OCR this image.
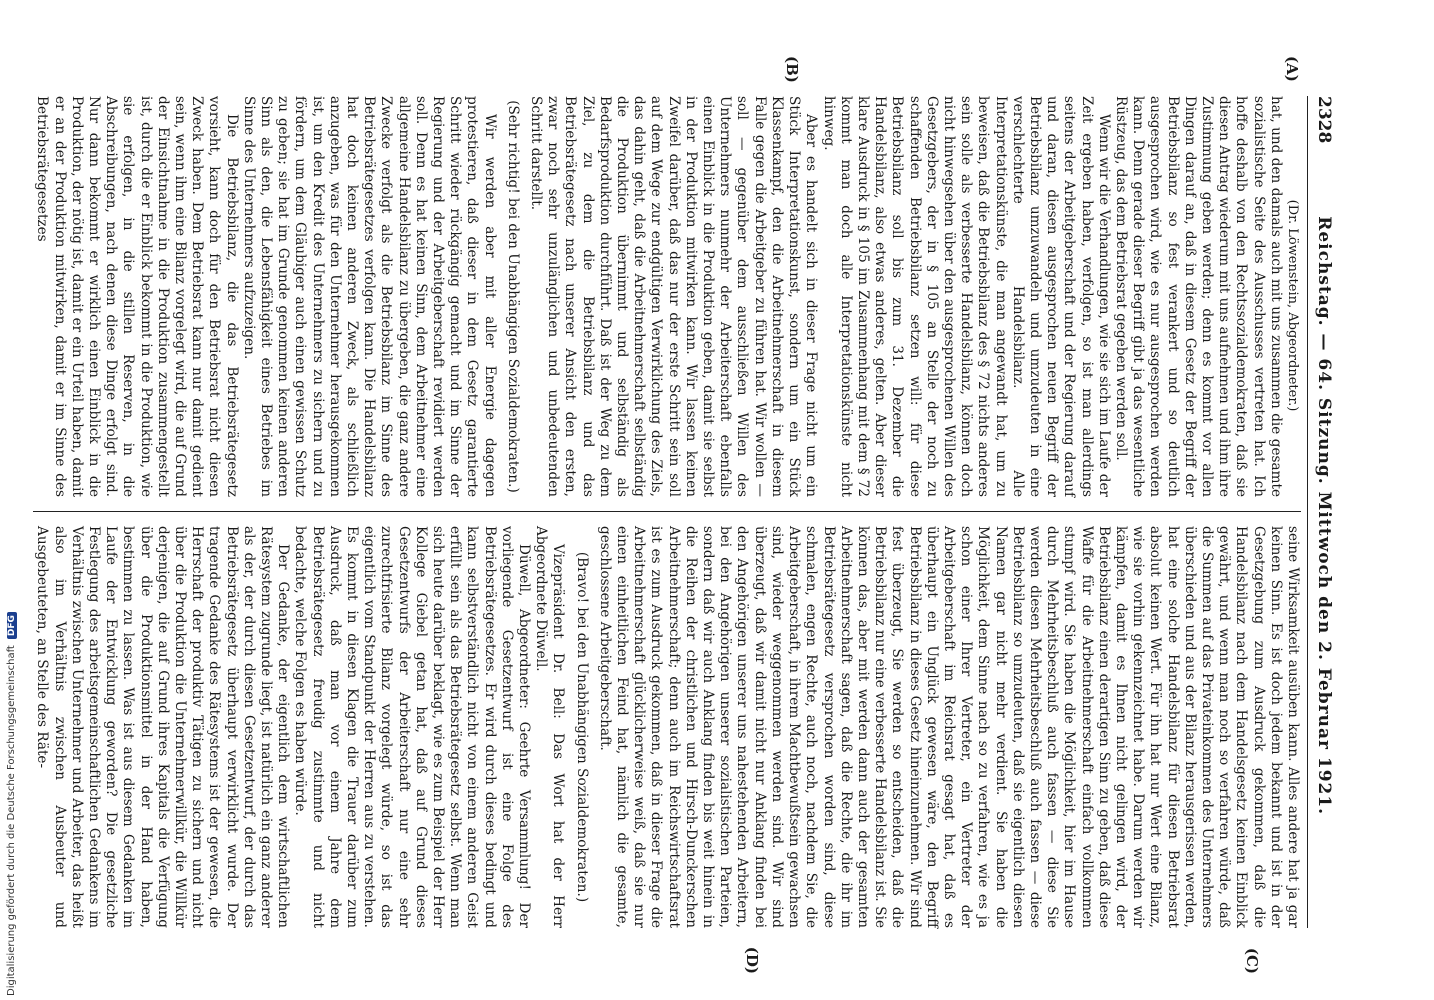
2328
Reichstag. — 64. Sitzung. Mittwoch den 2. Februar 1921.
(A)
(B)
(C)
(D)

(Dr. Löwenstein, Abgeordneter.)

hat, und den damals auch mit uns zusammen die gesamte sozialistische Seite des Ausschusses vertreten hat. Ich hoffe deshalb von den Rechtssozialdemokraten, daß sie diesen Antrag wiederum mit uns aufnehmen und ihm ihre Zustimmung geben werden; denn es kommt vor allen Dingen darauf an, daß in diesem Gesetz der Begriff der Betriebsbilanz so fest verankert und so deutlich ausgesprochen wird, wie es nur ausgesprochen werden kann. Denn gerade dieser Begriff gibt ja das wesentliche Rüstzeug, das dem Betriebsrat gegeben werden soll.

Wenn wir die Verhandlungen, wie sie sich im Laufe der Zeit ergeben haben, verfolgen, so ist man allerdings seitens der Arbeitgeberschaft und der Regierung darauf und daran, diesen ausgesprochen neuen Begriff der Betriebsbilanz umzuwandeln und umzudeuten in eine verschlechterte Handelsbilanz. Alle Interpretationskünste, die man angewandt hat, um zu beweisen, daß die Betriebsbilanz des § 72 nichts anderes sein solle als verbesserte Handelsbilanz, können doch nicht hinwegsehen über den ausgesprochenen Willen des Gesetzgebers, der in § 105 an Stelle der noch zu schaffenden Betriebsbilanz setzen will: für diese Betriebsbilanz soll bis zum 31. Dezember die Handelsbilanz, also etwas anderes, gelten. Aber dieser klare Ausdruck in § 105 im Zusammenhang mit dem § 72 kommt man doch alle Interpretationskünste nicht hinweg.

Aber es handelt sich in dieser Frage nicht um ein Stück Interpretationskunst, sondern um ein Stück Klassenkampf, den die Arbeitnehmerschaft in diesem Falle gegen die Arbeitgeber zu führen hat. Wir wollen — soll — gegenüber dem ausschließen Willen des Unternehmers nunmehr der Arbeiterschaft ebenfalls einen Einblick in die Produktion geben, damit sie selbst in der Produktion mitwirken kann. Wir lassen keinen Zweifel darüber, daß das nur der erste Schritt sein soll auf dem Wege zur endgültigen Verwirklichung des Ziels, das dahin geht, daß die Arbeitnehmerschaft selbständig die Produktion übernimmt und selbständig als Bedarfsproduktion durchführt. Daß ist der Weg zu dem Ziel, zu dem die Betriebsbilanz und das Betriebsrätegesetz nach unserer Ansicht den ersten, zwar noch sehr unzulänglichen und unbedeutenden Schritt darstellt.

(Sehr richtig! bei den Unabhängigen Sozialdemokraten.)

Wir werden aber mit aller Energie dagegen protestieren, daß dieser in dem Gesetz garantierte Schritt wieder rückgängig gemacht und im Sinne der Regierung und der Arbeitgeberschaft revidiert werden soll. Denn es hat keinen Sinn, dem Arbeitnehmer eine allgemeine Handelsbilanz zu übergeben, die ganz andere Zwecke verfolgt als die Betriebsbilanz im Sinne des Betriebsrätegesetzes verfolgen kann. Die Handelsbilanz hat doch keinen anderen Zweck, als schließlich anzugeben, was für den Unternehmer herausgekommen ist, um den Kredit des Unternehmers zu sichern und zu fördern, um dem Gläubiger auch einen gewissen Schutz zu geben; sie hat im Grunde genommen keinen anderen Sinn als den, die Lebensfähigkeit eines Betriebes im Sinne des Unternehmers aufzuzeigen.

Die Betriebsbilanz, die das Betriebsrätegesetz vorsieht, kann doch für den Betriebsrat nicht diesen Zweck haben. Dem Betriebsrat kann nur damit gedient sein, wenn ihm eine Bilanz vorgelegt wird, die auf Grund der Einsichtnahme in die Produktion zusammengestellt ist, durch die er Einblick bekommt in die Produktion, wie sie erfolgen, in die stillen Reserven, in die Abschreibungen, nach denen diese Dinge erfolgt sind. Nur dann bekommt er wirklich einen Einblick in die Produktion, der nötig ist, damit er ein Urteil haben, damit er an der Produktion mitwirken, damit er im Sinne des Betriebsrätegesetzes

seine Wirksamkeit ausüben kann. Alles andere hat ja gar keinen Sinn. Es ist doch jedem bekannt und ist in der Gesetzgebung zum Ausdruck gekommen, daß die Handelsbilanz nach dem Handelsgesetz keinen Einblick gewährt, und wenn man noch so verfahren würde, daß die Summen auf das Privateinkommen des Unternehmers überschieden und aus der Bilanz herausgerissen werden, hat eine solche Handelsbilanz für diesen Betriebsrat absolut keinen Wert. Für ihn hat nur Wert eine Bilanz, wie sie vorhin gekennzeichnet habe. Darum werden wir kämpfen, damit es Ihnen nicht gelingen wird, der Betriebsbilanz einen derartigen Sinn zu geben, daß diese Waffe für die Arbeitnehmerschaft einfach vollkommen stumpf wird. Sie haben die Möglichkeit, hier im Hause durch Mehrheitsbeschluß auch fassen — diese Sie werden diesen Mehrheitsbeschluß auch fassen — diese Betriebsbilanz so umzudeuten, daß sie eigentlich diesen Namen gar nicht mehr verdient. Sie haben die Möglichkeit, dem Sinne nach so zu verfahren, wie es ja schon einer Ihrer Vertreter, ein Vertreter der Arbeitgeberschaft im Reichsrat gesagt hat, daß es überhaupt ein Unglück gewesen wäre, den Begriff Betriebsbilanz in dieses Gesetz hineinzunehmen. Wir sind fest überzeugt, Sie werden so entscheiden, daß die Betriebsbilanz nur eine verbesserte Handelsbilanz ist. Sie können das, aber mit werden dann auch der gesamten Arbeitnehmerschaft sagen, daß die Rechte, die ihr im Betriebsrätegesetz versprochen worden sind, diese schmalen, engen Rechte, auch noch, nachdem Sie, die Arbeitgeberschaft, in ihrem Machtbewußtsein gewachsen sind, wieder weggenommen werden sind. Wir sind überzeugt, daß wir damit nicht nur Anklang finden bei den Angehörigen unserer uns nahestehenden Arbeitern, bei den Angehörigen unserer sozialistischen Parteien, sondern daß wir auch Anklang finden bis weit hinein in die Reihen der christlichen und Hirsch-Dunckerschen Arbeitnehmerschaft; denn auch im Reichswirtschaftsrat ist es zum Ausdruck gekommen, daß in dieser Frage die Arbeitnehmerschaft glücklicherweise weiß, daß sie nur einen einheitlichen Feind hat, nämlich die gesamte, geschlossene Arbeitgeberschaft.

(Bravo! bei den Unabhängigen Sozialdemokraten.)

Vizepräsident Dr. Bell: Das Wort hat der Herr Abgeordnete Düwell.

Düwell, Abgeordneter: Geehrte Versammlung! Der vorliegende Gesetzentwurf ist eine Folge des Betriebsrätegesetzes. Er wird durch dieses bedingt und kann selbstverständlich nicht von einem anderen Geist erfüllt sein als das Betriebsrätegesetz selbst. Wenn man sich heute darüber beklagt, wie es zum Beispiel der Herr Kollege Giebel getan hat, daß auf Grund dieses Gesetzentwurfs der Arbeiterschaft nur eine sehr zurechtfrisierte Bilanz vorgelegt würde, so ist das eigentlich vom Standpunkt der Herren aus zu verstehen. Es kommt in diesen Klagen die Trauer darüber zum Ausdruck, daß man vor einem Jahre dem Betriebsrätegesetz freudig zustimmte und nicht bedachte, welche Folgen es haben würde.

Der Gedanke, der eigentlich dem wirtschaftlichen Rätesystem zugrunde liegt, ist natürlich ein ganz anderer als der, der durch diesen Gesetzentwurf, der durch das Betriebsrätegesetz überhaupt verwirklicht wurde. Der tragende Gedanke des Rätesystems ist der gewesen, die Herrschaft der produktiv Tätigen zu sichern und nicht über die Produktion die Unternehmerwillkür, die Willkür derjenigen, die auf Grund ihres Kapitals die Verfügung über die Produktionsmittel in der Hand haben, bestimmen zu lassen. Was ist aus diesem Gedanken im Laufe der Entwicklung geworden? Die gesetzliche Festlegung des arbeitsgemeinschaftlichen Gedankens im Verhältnis zwischen Unternehmer und Arbeiter, das heißt also im Verhältnis zwischen Ausbeuter und Ausgebeuteten, an Stelle des Räte-

Digitalisierung gefördert durch die Deutsche ForschungsgemeinschaftDFG
